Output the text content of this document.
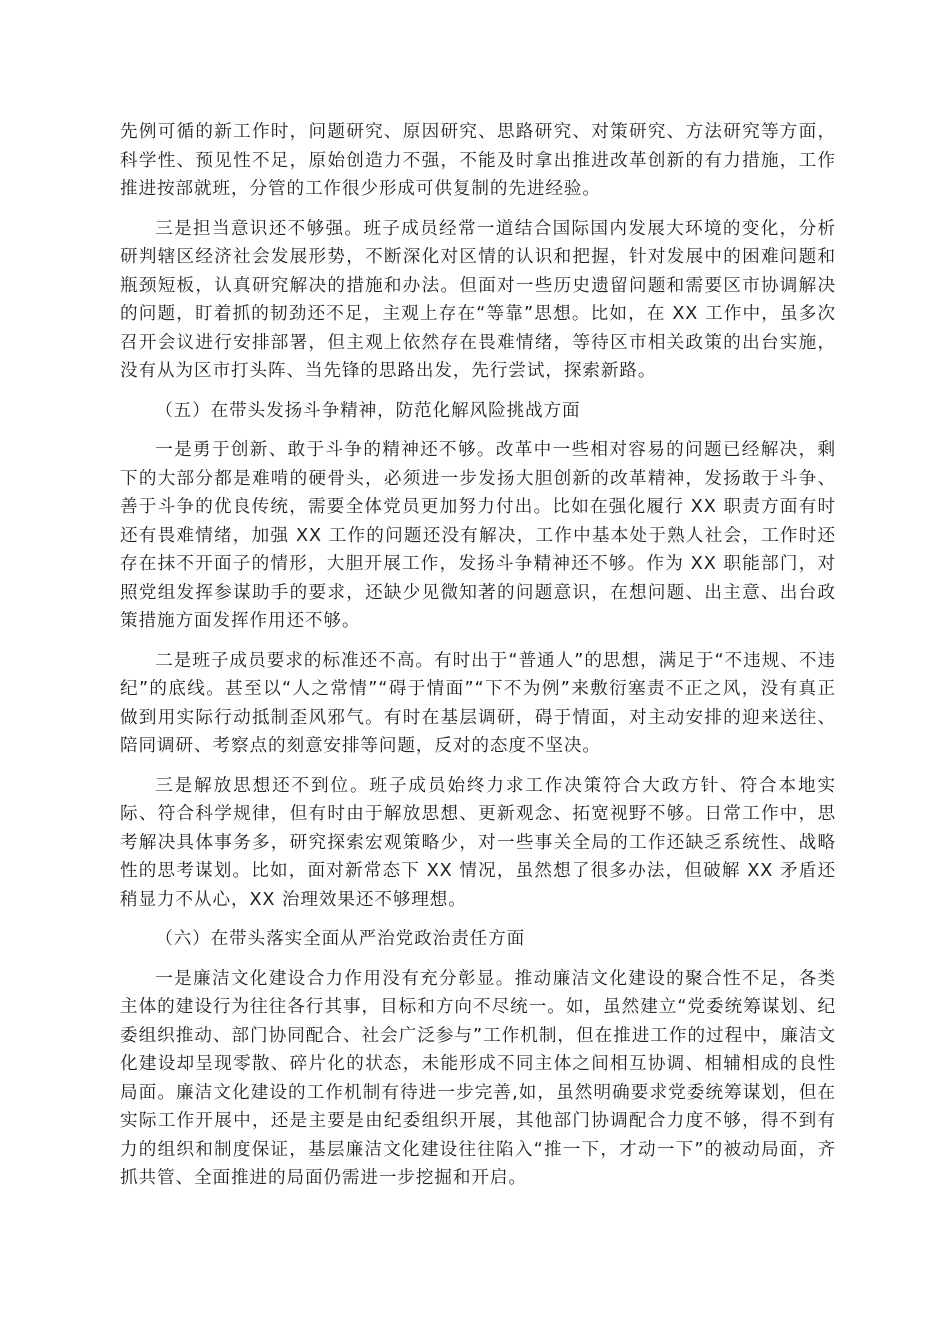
先例可循的新工作时，问题研究、原因研究、思路研究、对策研究、方法研究等方面，科学性、预见性不足，原始创造力不强，不能及时拿出推进改革创新的有力措施，工作推进按部就班，分管的工作很少形成可供复制的先进经验。

三是担当意识还不够强。班子成员经常一道结合国际国内发展大环境的变化，分析研判辖区经济社会发展形势，不断深化对区情的认识和把握，针对发展中的困难问题和瓶颈短板，认真研究解决的措施和办法。但面对一些历史遗留问题和需要区市协调解决的问题，盯着抓的韧劲还不足，主观上存在“等靠”思想。比如，在 XX 工作中，虽多次召开会议进行安排部署，但主观上依然存在畏难情绪，等待区市相关政策的出台实施，没有从为区市打头阵、当先锋的思路出发，先行尝试，探索新路。

（五）在带头发扬斗争精神，防范化解风险挑战方面

一是勇于创新、敢于斗争的精神还不够。改革中一些相对容易的问题已经解决，剩下的大部分都是难啃的硬骨头，必须进一步发扬大胆创新的改革精神，发扬敢于斗争、善于斗争的优良传统，需要全体党员更加努力付出。比如在强化履行 XX 职责方面有时还有畏难情绪，加强 XX 工作的问题还没有解决，工作中基本处于熟人社会，工作时还存在抹不开面子的情形，大胆开展工作，发扬斗争精神还不够。作为 XX 职能部门，对照党组发挥参谋助手的要求，还缺少见微知著的问题意识，在想问题、出主意、出台政策措施方面发挥作用还不够。

二是班子成员要求的标准还不高。有时出于“普通人”的思想，满足于“不违规、不违纪”的底线。甚至以“人之常情”“碍于情面”“下不为例”来敷衍塞责不正之风，没有真正做到用实际行动抵制歪风邪气。有时在基层调研，碍于情面，对主动安排的迎来送往、陪同调研、考察点的刻意安排等问题，反对的态度不坚决。

三是解放思想还不到位。班子成员始终力求工作决策符合大政方针、符合本地实际、符合科学规律，但有时由于解放思想、更新观念、拓宽视野不够。日常工作中，思考解决具体事务多，研究探索宏观策略少，对一些事关全局的工作还缺乏系统性、战略性的思考谋划。比如，面对新常态下 XX 情况，虽然想了很多办法，但破解 XX 矛盾还稍显力不从心，XX 治理效果还不够理想。

（六）在带头落实全面从严治党政治责任方面

一是廉洁文化建设合力作用没有充分彰显。推动廉洁文化建设的聚合性不足，各类主体的建设行为往往各行其事，目标和方向不尽统一。如，虽然建立“党委统筹谋划、纪委组织推动、部门协同配合、社会广泛参与”工作机制，但在推进工作的过程中，廉洁文化建设却呈现零散、碎片化的状态，未能形成不同主体之间相互协调、相辅相成的良性局面。廉洁文化建设的工作机制有待进一步完善,如，虽然明确要求党委统筹谋划，但在实际工作开展中，还是主要是由纪委组织开展，其他部门协调配合力度不够，得不到有力的组织和制度保证，基层廉洁文化建设往往陷入“推一下，才动一下”的被动局面，齐抓共管、全面推进的局面仍需进一步挖掘和开启。
